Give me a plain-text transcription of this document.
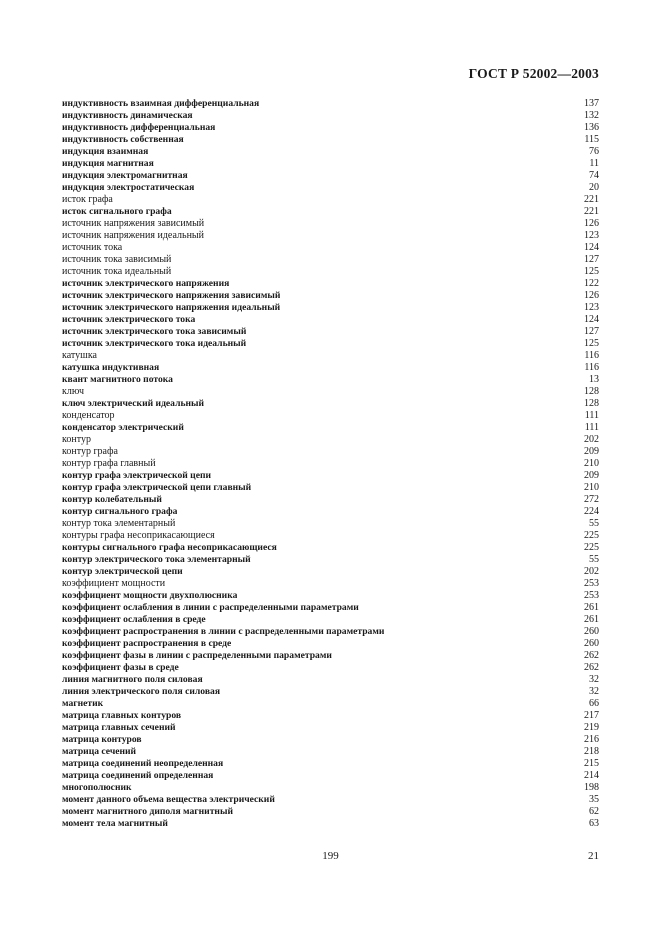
ГОСТ Р 52002—2003
индуктивность взаимная дифференциальная	137
индуктивность динамическая	132
индуктивность дифференциальная	136
индуктивность собственная	115
индукция взаимная	76
индукция магнитная	11
индукция электромагнитная	74
индукция электростатическая	20
исток графа	221
исток сигнального графа	221
источник напряжения зависимый	126
источник напряжения идеальный	123
источник тока	124
источник тока зависимый	127
источник тока идеальный	125
источник электрического напряжения	122
источник электрического напряжения зависимый	126
источник электрического напряжения идеальный	123
источник электрического тока	124
источник электрического тока зависимый	127
источник электрического тока идеальный	125
катушка	116
катушка индуктивная	116
квант магнитного потока	13
ключ	128
ключ электрический идеальный	128
конденсатор	111
конденсатор электрический	111
контур	202
контур графа	209
контур графа главный	210
контур графа электрической цепи	209
контур графа электрической цепи главный	210
контур колебательный	272
контур сигнального графа	224
контур тока элементарный	55
контуры графа несоприкасающиеся	225
контуры сигнального графа несоприкасающиеся	225
контур электрического тока элементарный	55
контур электрической цепи	202
коэффициент мощности	253
коэффициент мощности двухполюсника	253
коэффициент ослабления в линии с распределенными параметрами	261
коэффициент ослабления в среде	261
коэффициент распространения в линии с распределенными параметрами	260
коэффициент распространения в среде	260
коэффициент фазы в линии с распределенными параметрами	262
коэффициент фазы в среде	262
линия магнитного поля силовая	32
линия электрического поля силовая	32
магнетик	66
матрица главных контуров	217
матрица главных сечений	219
матрица контуров	216
матрица сечений	218
матрица соединений неопределенная	215
матрица соединений определенная	214
многополюсник	198
момент данного объема вещества электрический	35
момент магнитного диполя магнитный	62
момент тела магнитный	63
199	21
